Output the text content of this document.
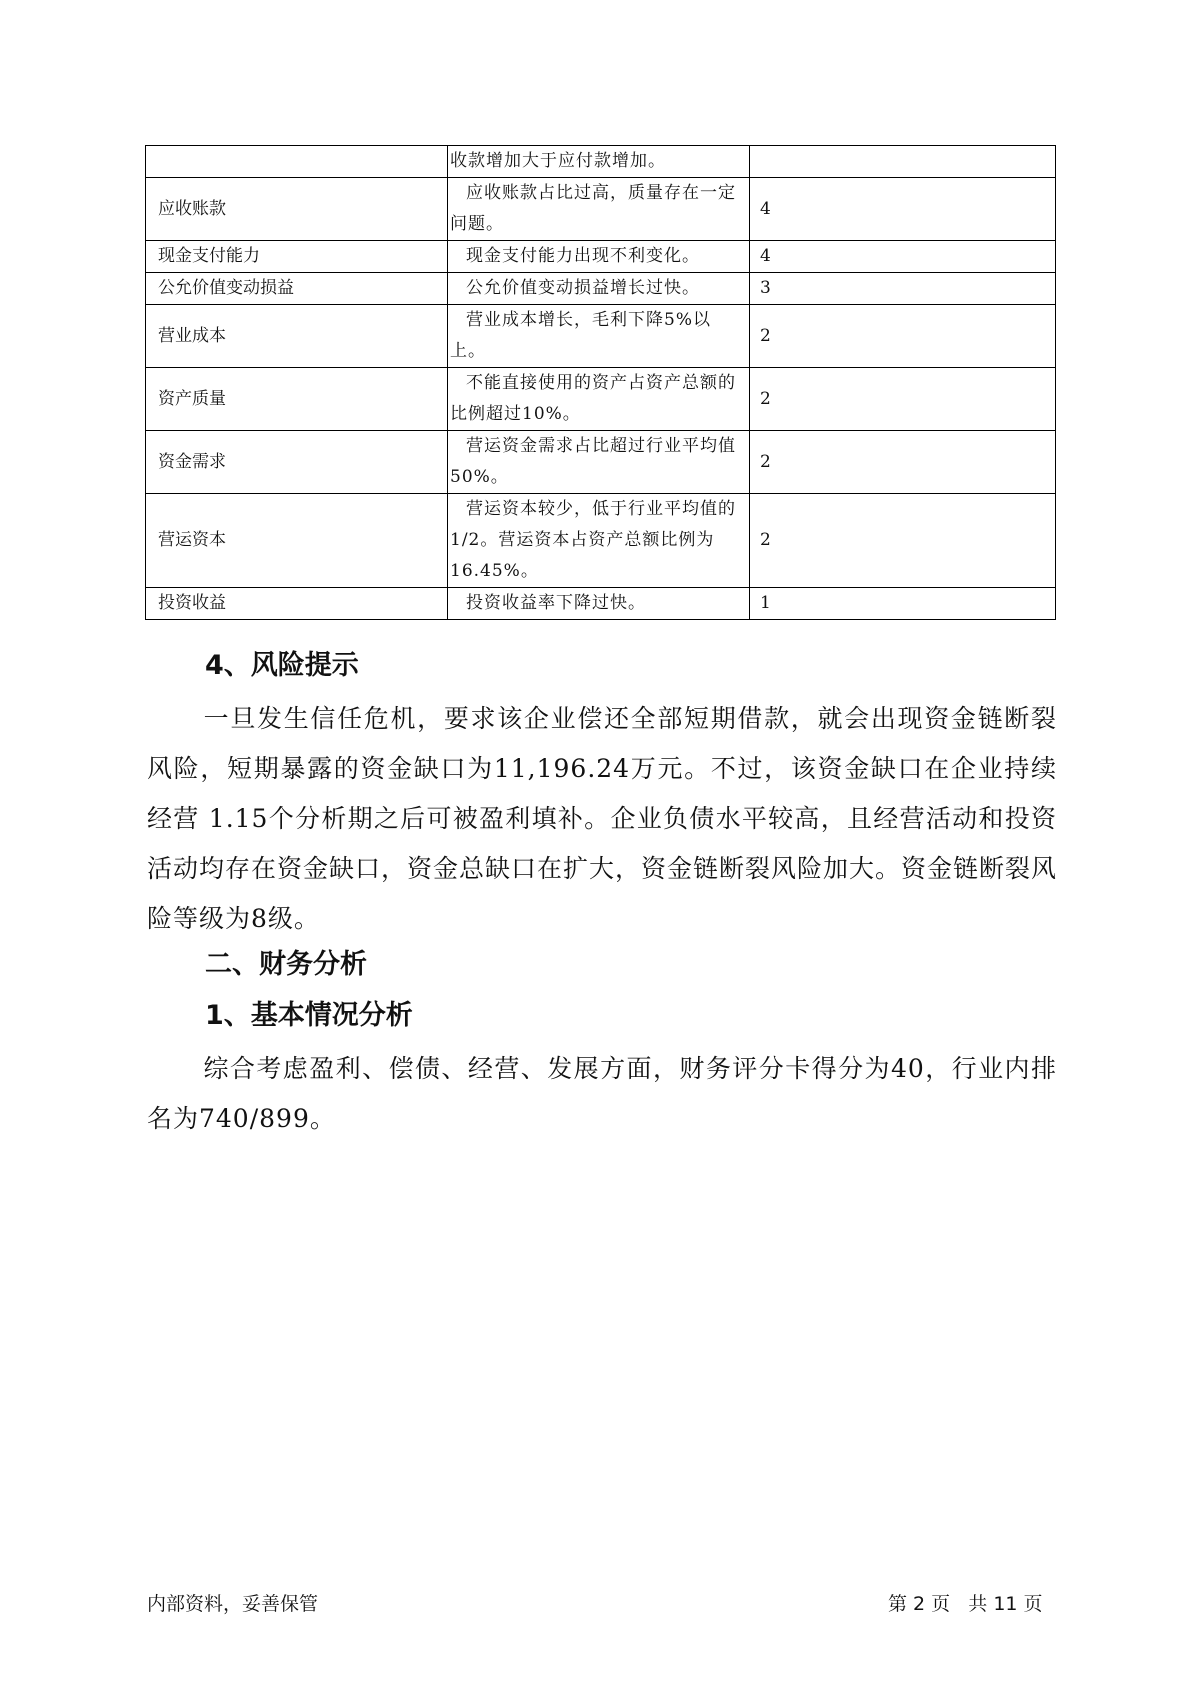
	收款增加大于应付款增加。	
应收账款	应收账款占比过高，质量存在一定问题。	4
现金支付能力	现金支付能力出现不利变化。	4
公允价值变动损益	公允价值变动损益增长过快。	3
营业成本	营业成本增长，毛利下降5%以上。	2
资产质量	不能直接使用的资产占资产总额的比例超过10%。	2
资金需求	营运资金需求占比超过行业平均值50%。	2
营运资本	营运资本较少，低于行业平均值的1/2。营运资本占资产总额比例为16.45%。	2
投资收益	投资收益率下降过快。	1
4、风险提示
一旦发生信任危机，要求该企业偿还全部短期借款，就会出现资金链断裂风险，短期暴露的资金缺口为11,196.24万元。不过，该资金缺口在企业持续经营 1.15个分析期之后可被盈利填补。企业负债水平较高，且经营活动和投资活动均存在资金缺口，资金总缺口在扩大，资金链断裂风险加大。资金链断裂风险等级为8级。
二、财务分析
1、基本情况分析
综合考虑盈利、偿债、经营、发展方面，财务评分卡得分为40，行业内排名为740/899。
内部资料，妥善保管	第 2 页   共 11 页
